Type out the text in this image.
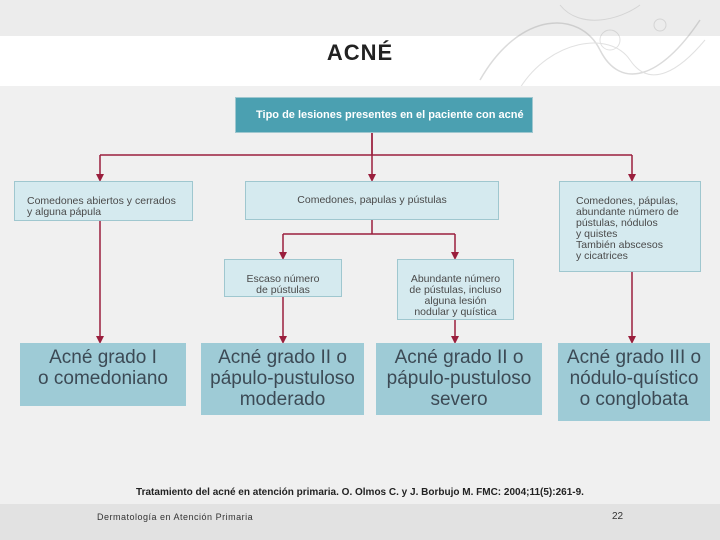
ACNÉ
Tipo de lesiones presentes en el paciente con acné

Comedones abiertos y cerrados
y alguna pápula

Comedones, papulas y pústulas	Comedones, pápulas,
abundante número de
pústulas, nódulos
y quistes
También abscesos
y cicatrices

Escaso número
de pústulas

Abundante número
de pústulas, incluso
alguna lesión
nodular y quística

Acné grado I
o comedoniano
Acné grado II o
pápulo-pustuloso
moderado
Acné grado II o
pápulo-pustuloso
severo
Acné grado III o
nódulo-quístico
o conglobata
Tratamiento del acné en atención primaria. O. Olmos C. y J. Borbujo M. FMC: 2004;11(5):261-9.
Dermatología en Atención Primaria	22
